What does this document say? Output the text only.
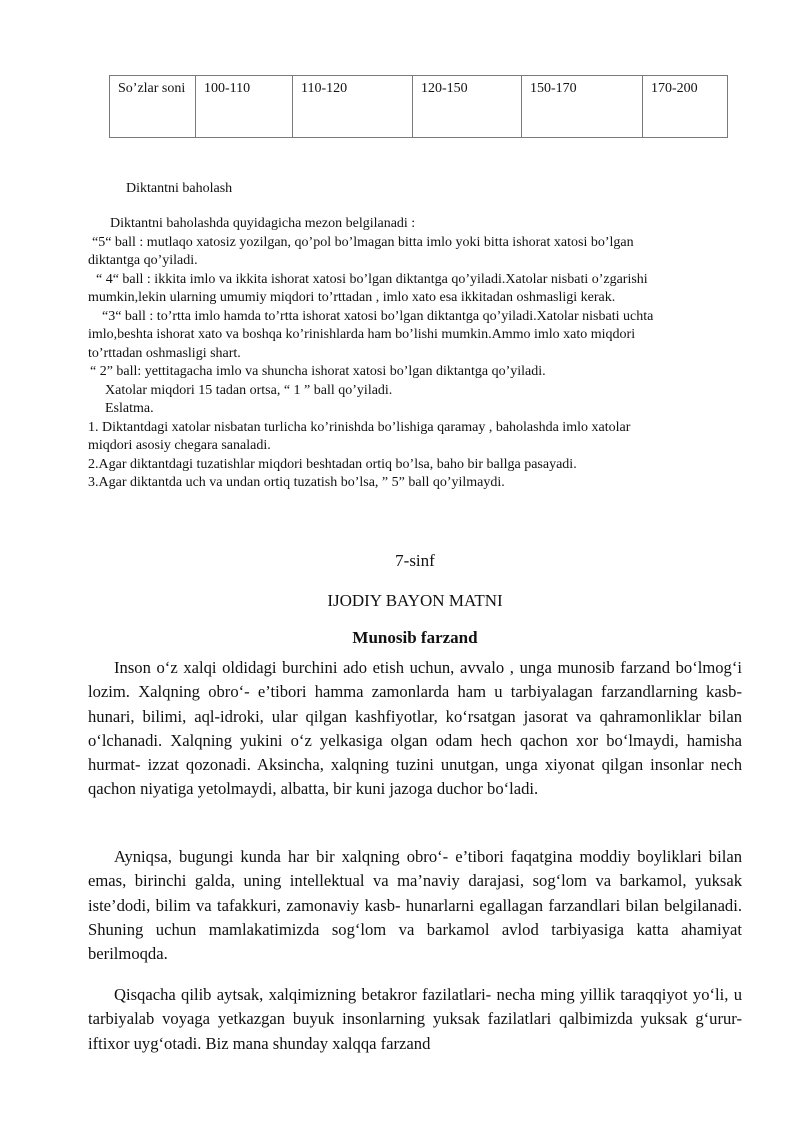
So’zlar soni	100-110	110-120	120-150	150-170	170-200

Diktantni baholash

Diktantni baholashda quyidagicha mezon belgilanadi :

“5“ ball : mutlaqo xatosiz yozilgan, qo’pol bo’lmagan bitta imlo yoki bitta ishorat xatosi bo’lgan

diktantga qo’yiladi.

“ 4“ ball : ikkita imlo va ikkita ishorat xatosi bo’lgan diktantga qo’yiladi.Xatolar nisbati o’zgarishi

mumkin,lekin ularning umumiy miqdori to’rttadan , imlo xato esa ikkitadan oshmasligi kerak.

“3“ ball : to’rtta imlo hamda to’rtta ishorat xatosi bo’lgan diktantga qo’yiladi.Xatolar nisbati uchta

imlo,beshta ishorat xato va boshqa ko’rinishlarda ham bo’lishi mumkin.Ammo imlo xato miqdori

to’rttadan oshmasligi shart.

“ 2” ball: yettitagacha imlo va shuncha ishorat xatosi bo’lgan diktantga qo’yiladi.

Xatolar miqdori 15 tadan ortsa, “ 1 ” ball qo’yiladi.

Eslatma.

1. Diktantdagi xatolar nisbatan turlicha ko’rinishda bo’lishiga qaramay , baholashda imlo xatolar

miqdori asosiy chegara sanaladi.

2.Agar diktantdagi tuzatishlar miqdori beshtadan ortiq bo’lsa, baho bir ballga pasayadi.

3.Agar diktantda uch va undan ortiq tuzatish bo’lsa, ” 5” ball qo’yilmaydi.

7-sinf
IJODIY BAYON MATNI
Munosib farzand

Inson o‘z xalqi oldidagi burchini ado etish uchun, avvalo , unga munosib farzand bo‘lmog‘i lozim. Xalqning obro‘- e’tibori hamma zamonlarda ham u tarbiyalagan farzandlarning kasb-hunari, bilimi, aql-idroki, ular qilgan kashfiyotlar, ko‘rsatgan jasorat va qahramonliklar bilan o‘lchanadi. Xalqning yukini o‘z yelkasiga olgan odam hech qachon xor bo‘lmaydi, hamisha hurmat- izzat qozonadi. Aksincha, xalqning tuzini unutgan, unga xiyonat qilgan insonlar nech qachon niyatiga yetolmaydi, albatta, bir kuni jazoga duchor bo‘ladi.

Ayniqsa, bugungi kunda har bir xalqning obro‘- e’tibori faqatgina moddiy boyliklari bilan emas, birinchi galda, uning intellektual va ma’naviy darajasi, sog‘lom va barkamol, yuksak iste’dodi, bilim va tafakkuri, zamonaviy kasb- hunarlarni egallagan farzandlari bilan belgilanadi. Shuning uchun mamlakatimizda sog‘lom va barkamol avlod tarbiyasiga katta ahamiyat berilmoqda.

Qisqacha qilib aytsak, xalqimizning betakror fazilatlari- necha ming yillik taraqqiyot yo‘li, u tarbiyalab voyaga yetkazgan buyuk insonlarning yuksak fazilatlari qalbimizda yuksak g‘urur- iftixor uyg‘otadi. Biz mana shunday xalqqa farzand
